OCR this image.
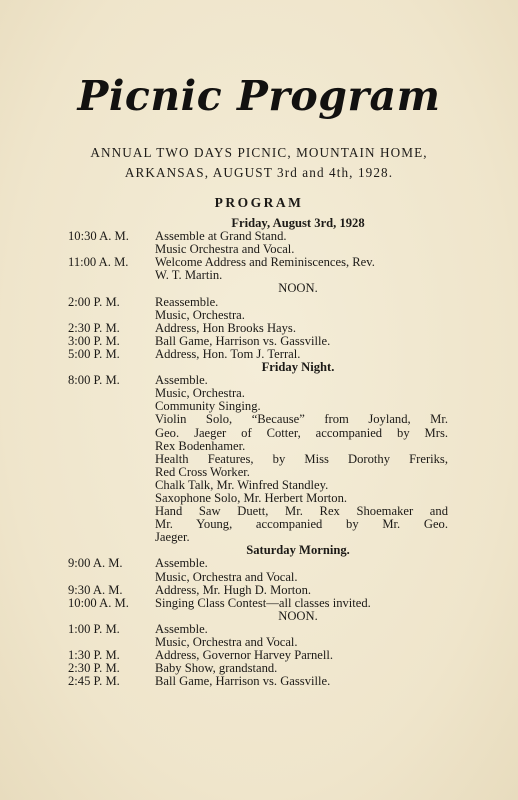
Picnic Program
ANNUAL TWO DAYS PICNIC, MOUNTAIN HOME,
ARKANSAS, AUGUST 3rd and 4th, 1928.
PROGRAM
Friday, August 3rd, 1928
10:30 A. M.	Assemble at Grand Stand.
Music Orchestra and Vocal.
11:00 A. M.	Welcome Address and Reminiscences, Rev.
W. T. Martin.
NOON.
2:00 P. M.	Reassemble.
Music, Orchestra.
2:30 P. M.	Address, Hon Brooks Hays.
3:00 P. M.	Ball Game, Harrison vs. Gassville.
5:00 P. M.	Address, Hon. Tom J. Terral.
Friday Night.
8:00 P. M.	Assemble.
Music, Orchestra.
Community Singing.
Violin Solo, “Because” from Joyland, Mr.
Geo. Jaeger of Cotter, accompanied by Mrs.
Rex Bodenhamer.
Health Features, by Miss Dorothy Freriks,
Red Cross Worker.
Chalk Talk, Mr. Winfred Standley.
Saxophone Solo, Mr. Herbert Morton.
Hand Saw Duett, Mr. Rex Shoemaker and
Mr. Young, accompanied by Mr. Geo.
Jaeger.
Saturday Morning.
9:00 A. M.	Assemble.
Music, Orchestra and Vocal.
9:30 A. M.	Address, Mr. Hugh D. Morton.
10:00 A. M.	Singing Class Contest—all classes invited.
NOON.
1:00 P. M.	Assemble.
Music, Orchestra and Vocal.
1:30 P. M.	Address, Governor Harvey Parnell.
2:30 P. M.	Baby Show, grandstand.
2:45 P. M.	Ball Game, Harrison vs. Gassville.
